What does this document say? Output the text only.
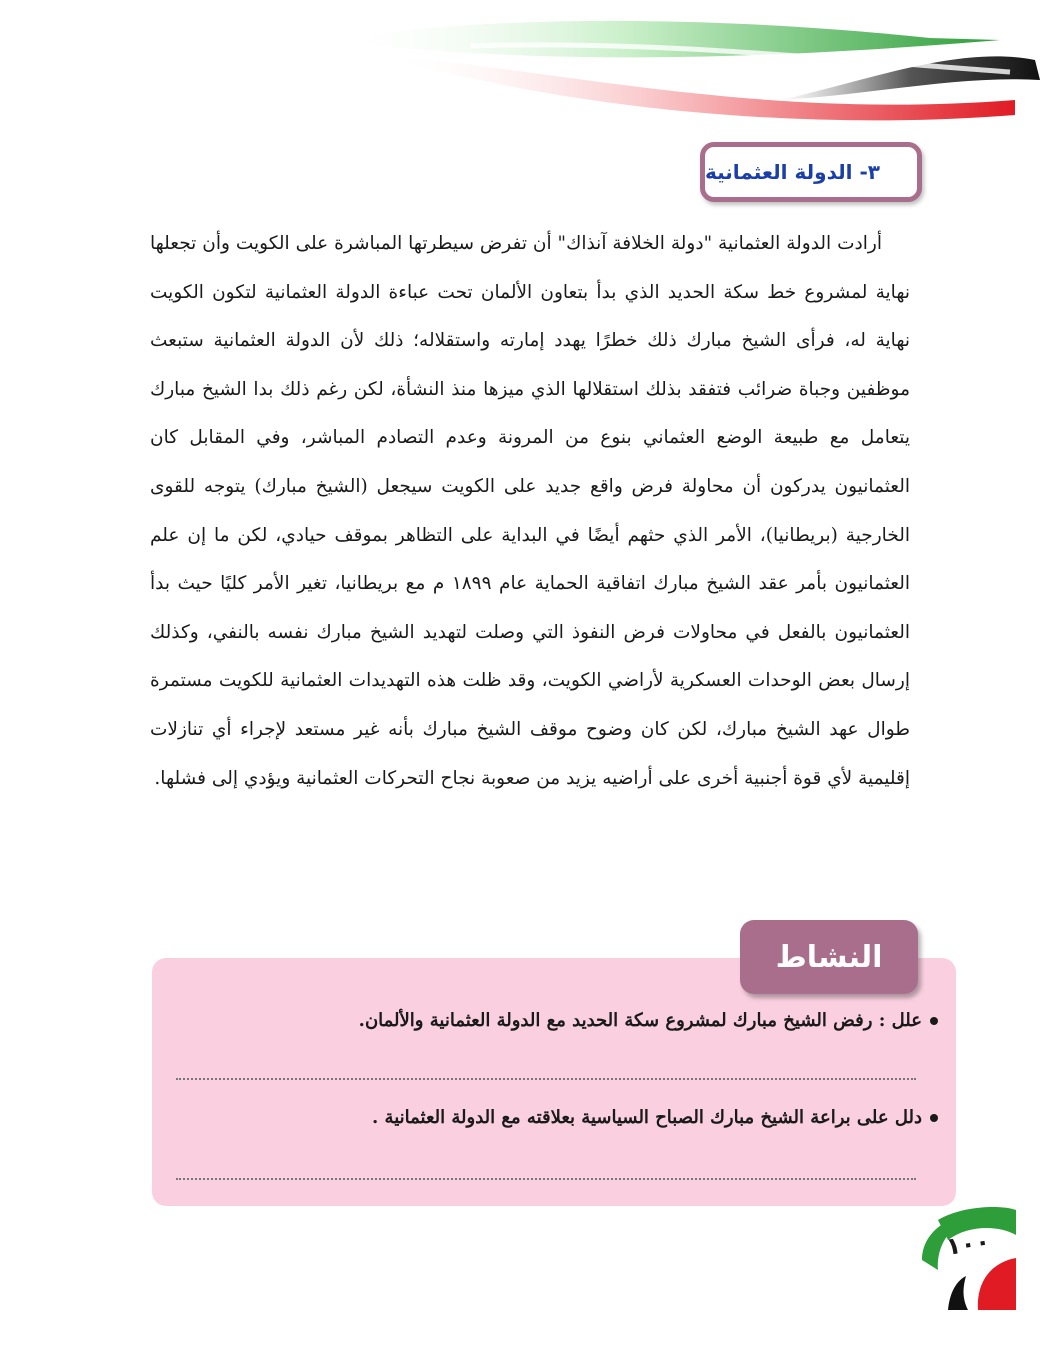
٣- الدولة العثمانية

أرادت الدولة العثمانية "دولة الخلافة آنذاك" أن تفرض سيطرتها المباشرة على الكويت وأن تجعلها نهاية لمشروع خط سكة الحديد الذي بدأ بتعاون الألمان تحت عباءة الدولة العثمانية لتكون الكويت نهاية له، فرأى الشيخ مبارك ذلك خطرًا يهدد إمارته واستقلاله؛ ذلك لأن الدولة العثمانية ستبعث موظفين وجباة ضرائب فتفقد بذلك استقلالها الذي ميزها منذ النشأة، لكن رغم ذلك بدا الشيخ مبارك يتعامل مع طبيعة الوضع العثماني بنوع من المرونة وعدم التصادم المباشر، وفي المقابل كان العثمانيون يدركون أن محاولة فرض واقع جديد على الكويت سيجعل (الشيخ مبارك) يتوجه للقوى الخارجية (بريطانيا)، الأمر الذي حثهم أيضًا في البداية على التظاهر بموقف حيادي، لكن ما إن علم العثمانيون بأمر عقد الشيخ مبارك اتفاقية الحماية عام ١٨٩٩ م مع بريطانيا، تغير الأمر كليًا حيث بدأ العثمانيون بالفعل في محاولات فرض النفوذ التي وصلت لتهديد الشيخ مبارك نفسه بالنفي، وكذلك إرسال بعض الوحدات العسكرية لأراضي الكويت، وقد ظلت هذه التهديدات العثمانية للكويت مستمرة طوال عهد الشيخ مبارك، لكن كان وضوح موقف الشيخ مبارك بأنه غير مستعد لإجراء أي تنازلات إقليمية لأي قوة أجنبية أخرى على أراضيه يزيد من صعوبة نجاح التحركات العثمانية ويؤدي إلى فشلها.

النشاط
علل : رفض الشيخ مبارك لمشروع سكة الحديد مع الدولة العثمانية والألمان.
دلل على براعة الشيخ مبارك الصباح السياسية بعلاقته مع الدولة العثمانية .
١٠٠
